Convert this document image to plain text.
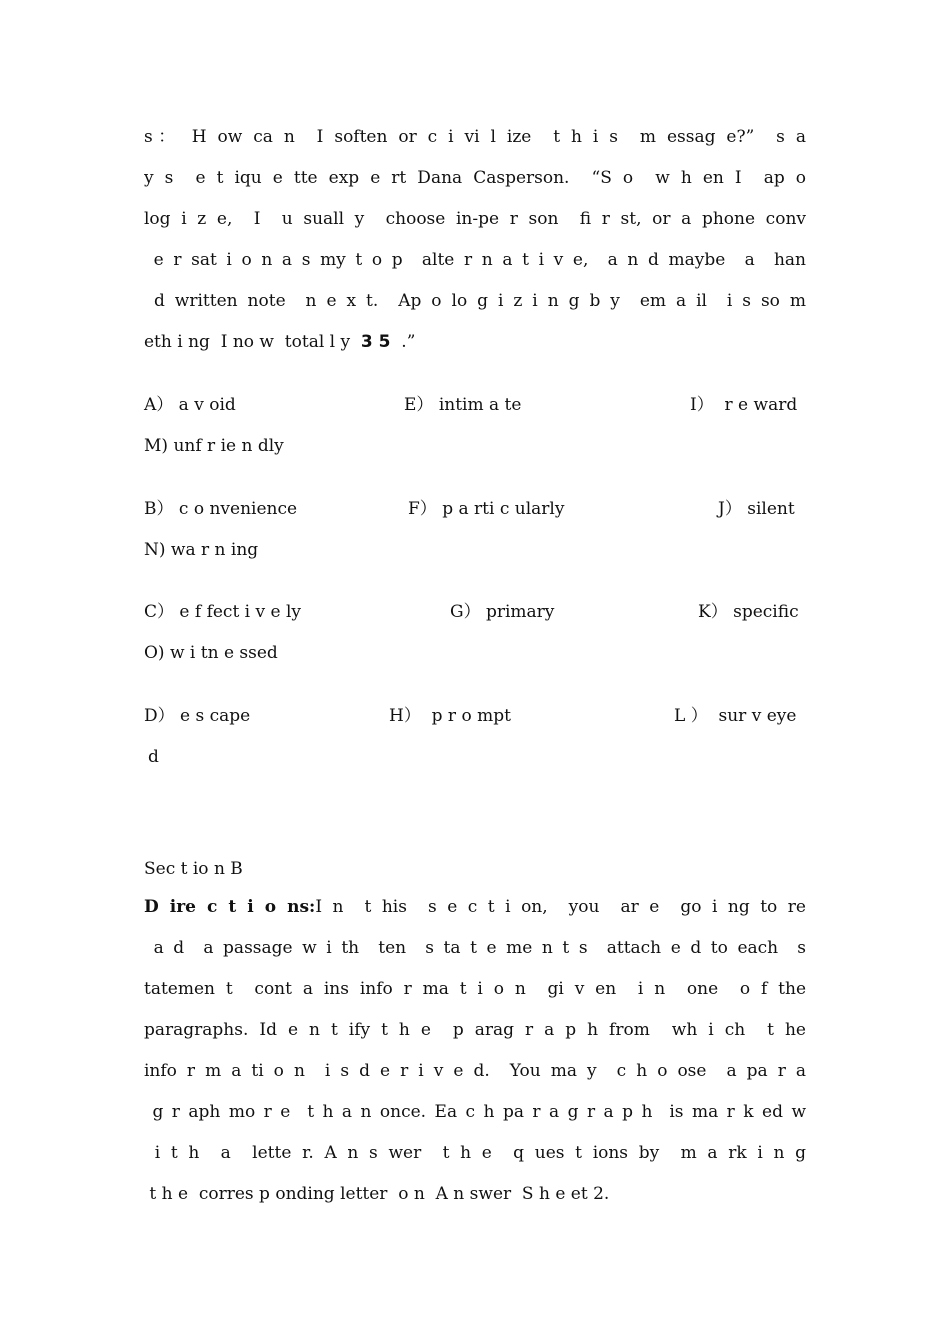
s： H ow ca n  I soften or c i vi l ize  t h i s  m essag e?”  s a
y s  e t iqu e tte exp e rt Dana Casperson.  “S o  w h en I  ap o
log i z e,  I  u suall y  choose in-pe r son  fi r st, or a phone conv
e r sat i o n a s my t o p  alte r n a t i v e,  a n d maybe  a  han
d written note  n e x t.  Ap o lo g i z i n g b y  em a il  i s so m
eth i ng  I no w  total l y  3 5  .”
A） a v oid	E） intim a te	I）  r e ward
M) unf r ie n dly
B） c o nvenience	F） p a rti c ularly	J） silent
N) wa r n ing
C） e f fect i v e ly	G） primary	K） specific
O) w i tn e ssed
D） e s cape	H）  p r o mpt	L ）  sur v eye
d
Sec t io n B
D ire c t i o ns:I n  t his  s e c t i on,  you  ar e  go i ng to re
a d  a passage w i th  ten  s ta t e me n t s  attach e d to each  s
tatemen t  cont a ins info r ma t i o n  gi v en  i n  one  o f the
paragraphs. Id e n t ify t h e  p arag r a p h from  wh i ch  t he
info r m a ti o n  i s d e r i v e d.  You ma y  c h o ose  a pa r a
g r aph mo r e  t h a n once. Ea c h pa r a g r a p h  is ma r k ed w
i t h  a  lette r. A n s wer  t h e  q ues t ions by  m a rk i n g
t h e  corres p onding letter  o n  A n swer  S h e et 2.
